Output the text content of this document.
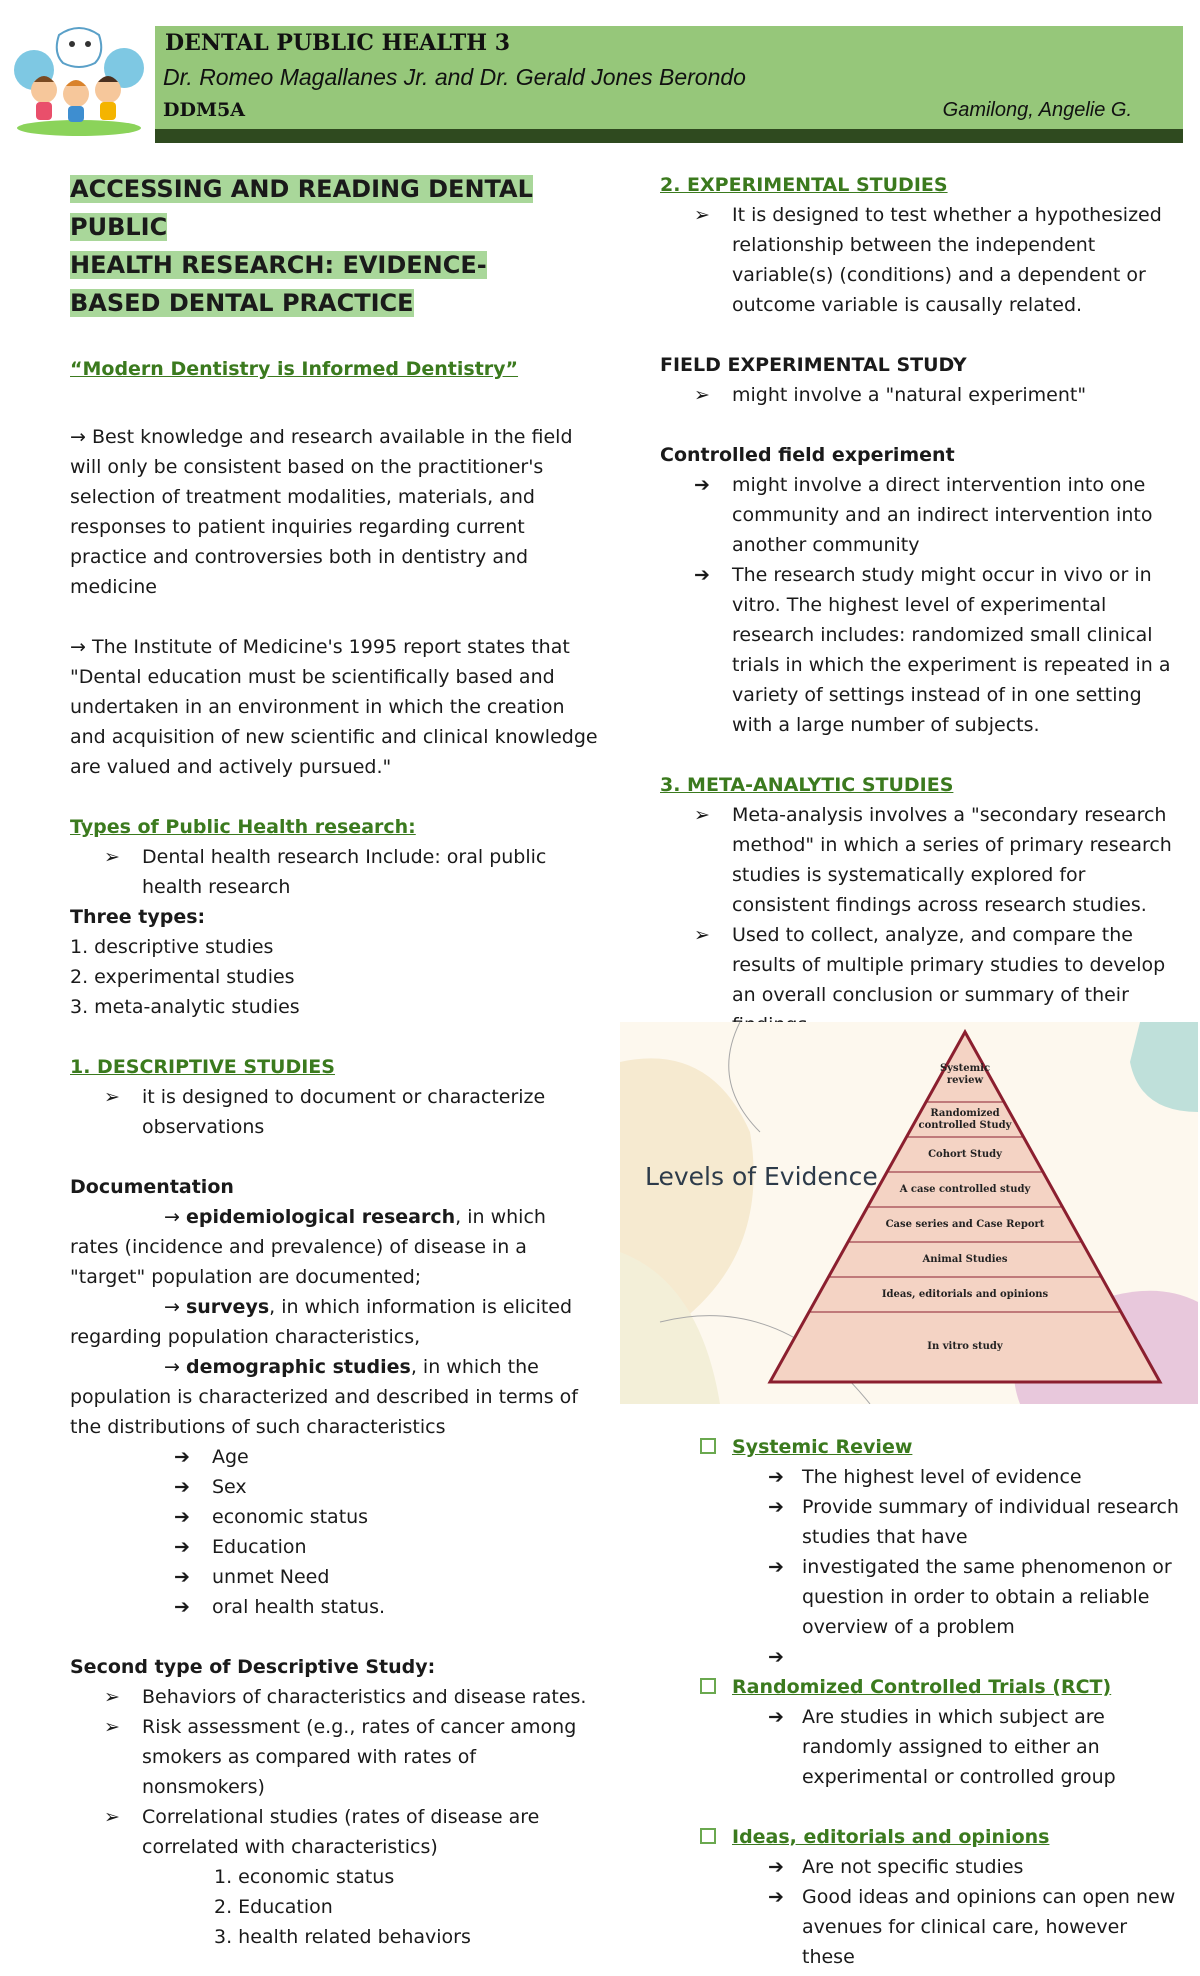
DENTAL PUBLIC HEALTH 3
Dr. Romeo Magallanes Jr. and Dr. Gerald Jones Berondo
DDM5A	Gamilong, Angelie G.
ACCESSING AND READING DENTAL PUBLIC
HEALTH RESEARCH: EVIDENCE-
BASED DENTAL PRACTICE

“Modern Dentistry is Informed Dentistry”

→ Best knowledge and research available in the field will only be consistent based on the practitioner's selection of treatment modalities, materials, and responses to patient inquiries regarding current practice and controversies both in dentistry and medicine

→ The Institute of Medicine's 1995 report states that "Dental education must be scientifically based and undertaken in an environment in which the creation and acquisition of new scientific and clinical knowledge are valued and actively pursued."

Types of Public Health research:

➢ Dental health research Include: oral public health research

Three types:

1. descriptive studies

2. experimental studies

3. meta-analytic studies

1. DESCRIPTIVE STUDIES

➢ it is designed to document or characterize observations

Documentation

→ epidemiological research, in which rates (incidence and prevalence) of disease in a "target" population are documented;

→ surveys, in which information is elicited regarding population characteristics,

→ demographic studies, in which the population is characterized and described in terms of the distributions of such characteristics

➔ Age
➔ Sex
➔ economic status
➔ Education
➔ unmet Need
➔ oral health status.

Second type of Descriptive Study:

➢ Behaviors of characteristics and disease rates.
➢ Risk assessment (e.g., rates of cancer among smokers as compared with rates of nonsmokers)
➢ Correlational studies (rates of disease are correlated with characteristics)

1. economic status

2. Education

3. health related behaviors

2. EXPERIMENTAL STUDIES

➢ It is designed to test whether a hypothesized relationship between the independent variable(s) (conditions) and a dependent or outcome variable is causally related.

FIELD EXPERIMENTAL STUDY

➢ might involve a "natural experiment"

Controlled field experiment

➔ might involve a direct intervention into one community and an indirect intervention into another community
➔ The research study might occur in vivo or in vitro. The highest level of experimental research includes: randomized small clinical trials in which the experiment is repeated in a variety of settings instead of in one setting with a large number of subjects.

3. META-ANALYTIC STUDIES

➢ Meta-analysis involves a "secondary research method" in which a series of primary research studies is systematically explored for consistent findings across research studies.
➢ Used to collect, analyze, and compare the results of multiple primary studies to develop an overall conclusion or summary of their
Levels of Evidence
Systemic review
Randomized controlled Study
Cohort Study
A case controlled study
Case series and Case Report
Animal Studies
Ideas, editorials and opinions
In vitro study
Systemic Review
➔ The highest level of evidence
➔ Provide summary of individual research studies that have
➔ investigated the same phenomenon or question in order to obtain a reliable overview of a problem
➔

Randomized Controlled Trials (RCT)
➔ Are studies in which subject are randomly assigned to either an experimental or controlled group
Ideas, editorials and opinions
➔ Are not specific studies
➔ Good ideas and opinions can open new avenues for clinical care, however these
